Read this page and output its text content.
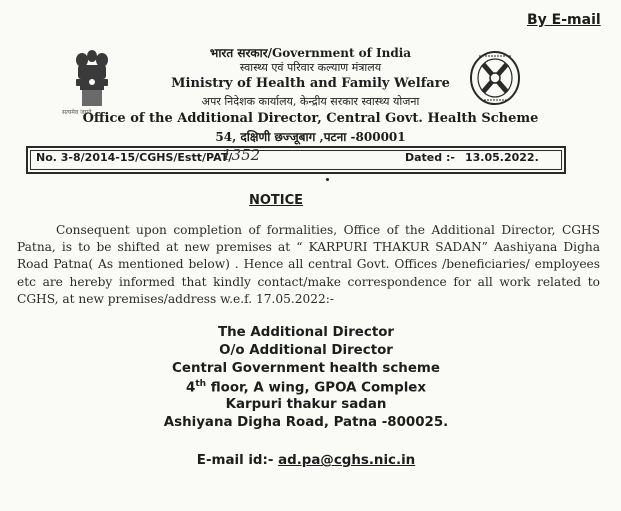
By E-mail
सत्यमेव जयते
भारत सरकार/Government of India
स्वास्थ्य एवं परिवार कल्याण मंत्रालय
Ministry of Health and Family Welfare
अपर निदेशक कार्यालय, केन्द्रीय सरकार स्वास्थ्य योजना
Office of the Additional Director, Central Govt. Health Scheme
54, दक्षिणी छज्जूबाग ,पटना -800001
No. 3-8/2014-15/CGHS/Estt/PAT/
1352	Dated :- 13.05.2022.
NOTICE
Consequent upon completion of formalities, Office of the Additional Director, CGHS Patna, is to be shifted at new premises at “ KARPURI THAKUR SADAN” Aashiyana Digha Road Patna( As mentioned below) . Hence all central Govt. Offices /beneficiaries/ employees etc are hereby informed that kindly contact/make correspondence for all work related to CGHS, at new premises/address w.e.f. 17.05.2022:-
The Additional Director
O/o Additional Director
Central Government health scheme
4th floor, A wing, GPOA Complex
Karpuri thakur sadan
Ashiyana Digha Road, Patna -800025.
E-mail id:- ad.pa@cghs.nic.in
